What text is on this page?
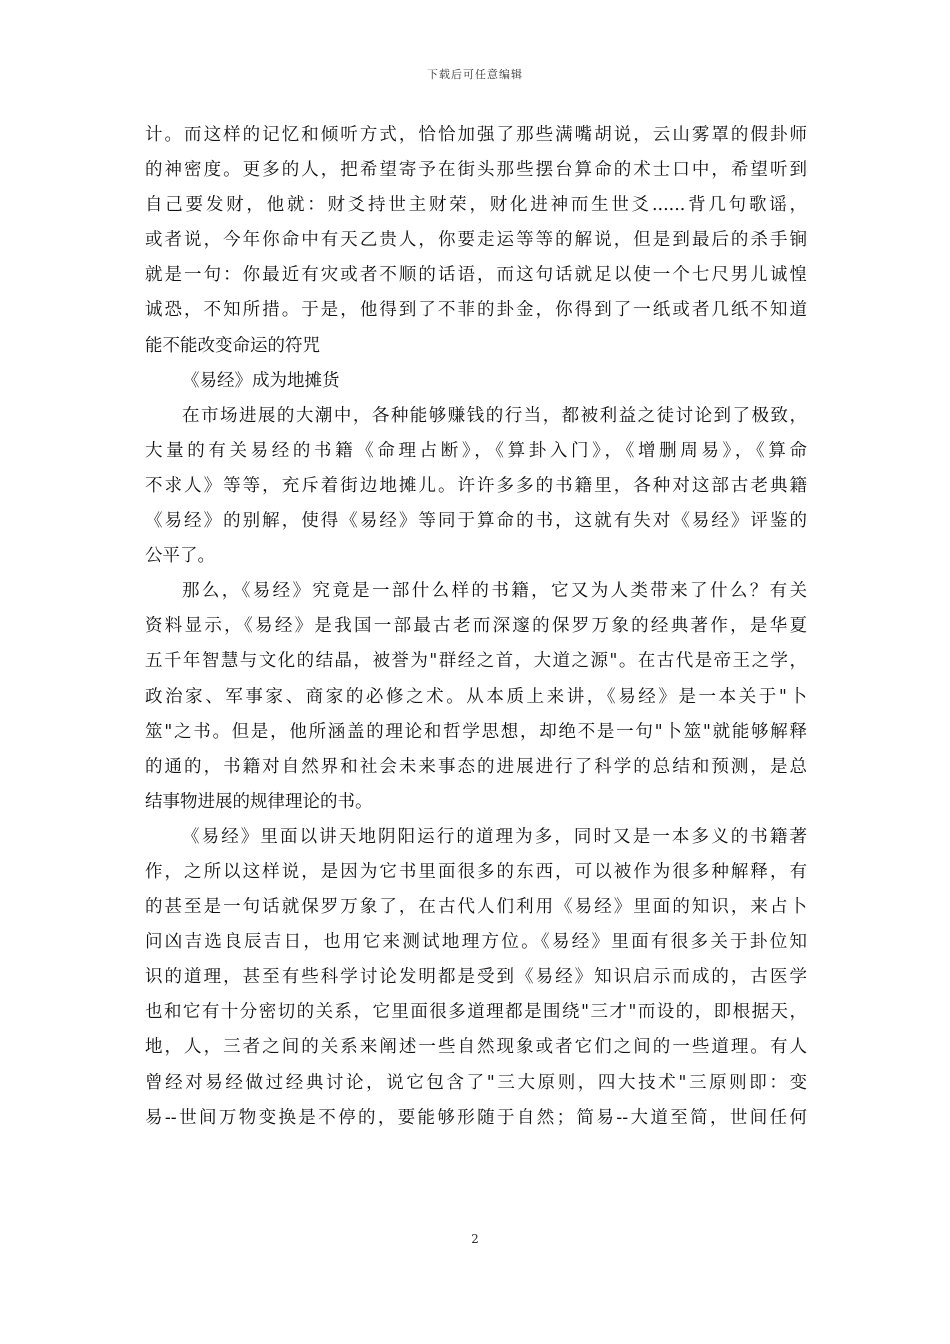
下载后可任意编辑
计。而这样的记忆和倾听方式，恰恰加强了那些满嘴胡说，云山雾罩的假卦师
的神密度。更多的人，把希望寄予在街头那些摆台算命的术士口中，希望听到
自己要发财，他就：财爻持世主财荣，财化进神而生世爻......背几句歌谣，
或者说，今年你命中有天乙贵人，你要走运等等的解说，但是到最后的杀手锏
就是一句：你最近有灾或者不顺的话语，而这句话就足以使一个七尺男儿诚惶
诚恐，不知所措。于是，他得到了不菲的卦金，你得到了一纸或者几纸不知道
能不能改变命运的符咒
《易经》成为地摊货
在市场进展的大潮中，各种能够赚钱的行当，都被利益之徒讨论到了极致，
大量的有关易经的书籍《命理占断》，《算卦入门》，《增删周易》，《算命
不求人》等等，充斥着街边地摊儿。许许多多的书籍里，各种对这部古老典籍
《易经》的别解，使得《易经》等同于算命的书，这就有失对《易经》评鉴的
公平了。
那么，《易经》究竟是一部什么样的书籍，它又为人类带来了什么？有关
资料显示，《易经》是我国一部最古老而深邃的保罗万象的经典著作，是华夏
五千年智慧与文化的结晶，被誉为"群经之首，大道之源"。在古代是帝王之学，
政治家、军事家、商家的必修之术。从本质上来讲，《易经》是一本关于"卜
筮"之书。但是，他所涵盖的理论和哲学思想，却绝不是一句"卜筮"就能够解释
的通的，书籍对自然界和社会未来事态的进展进行了科学的总结和预测，是总
结事物进展的规律理论的书。
《易经》里面以讲天地阴阳运行的道理为多，同时又是一本多义的书籍著
作，之所以这样说，是因为它书里面很多的东西，可以被作为很多种解释，有
的甚至是一句话就保罗万象了，在古代人们利用《易经》里面的知识，来占卜
问凶吉选良辰吉日，也用它来测试地理方位。《易经》里面有很多关于卦位知
识的道理，甚至有些科学讨论发明都是受到《易经》知识启示而成的，古医学
也和它有十分密切的关系，它里面很多道理都是围绕"三才"而设的，即根据天，
地，人，三者之间的关系来阐述一些自然现象或者它们之间的一些道理。有人
曾经对易经做过经典讨论，说它包含了"三大原则，四大技术"三原则即：变
易--世间万物变换是不停的，要能够形随于自然；简易--大道至简，世间任何
2
